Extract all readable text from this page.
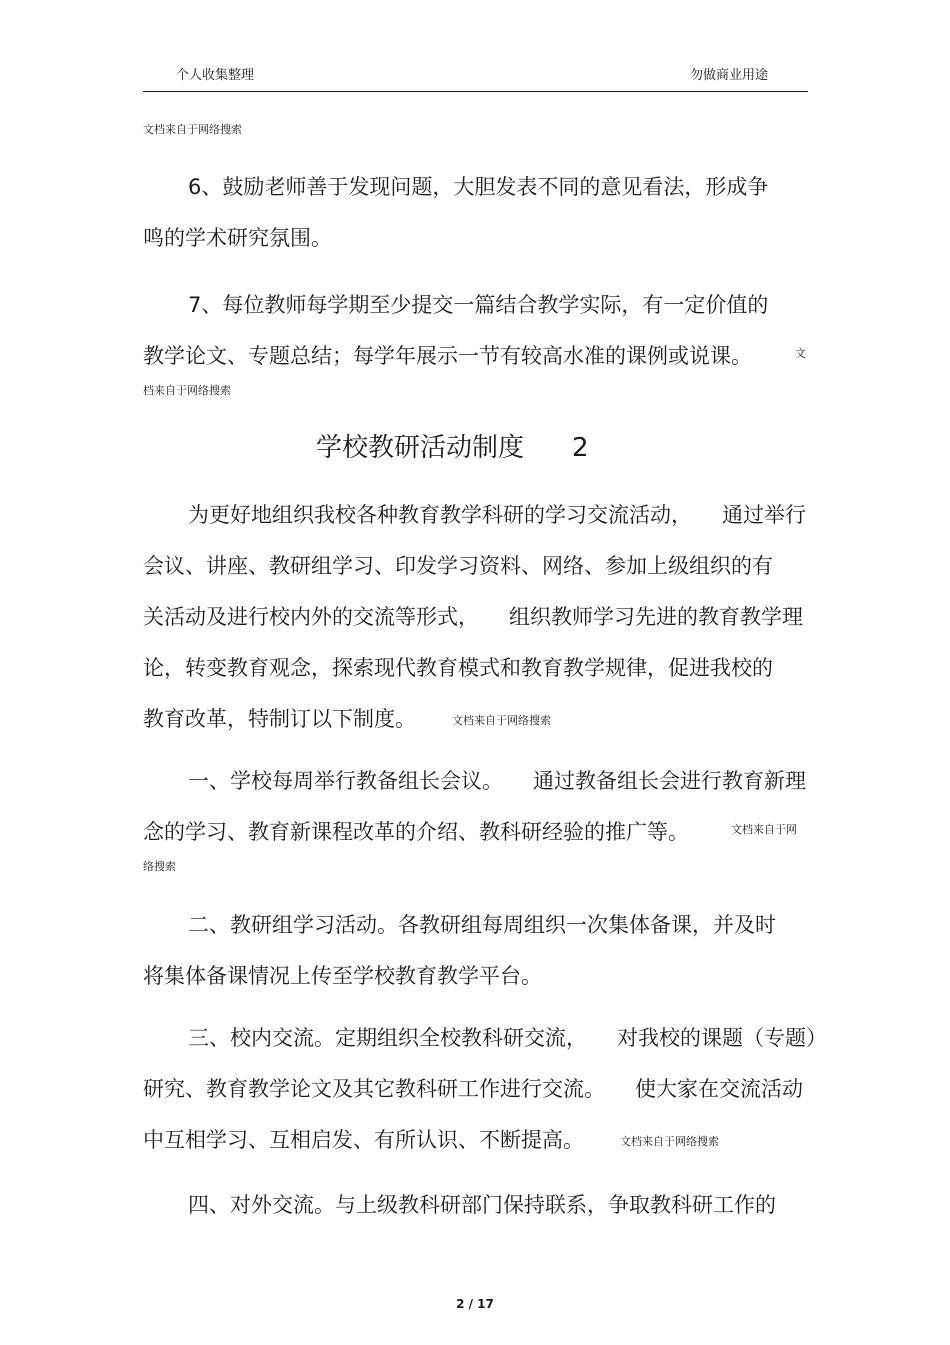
个人收集整理	勿做商业用途
文档来自于网络搜索
6、鼓励老师善于发现问题，大胆发表不同的意见看法，形成争
鸣的学术研究氛围。
7、每位教师每学期至少提交一篇结合教学实际，有一定价值的
教学论文、专题总结；每学年展示一节有较高水准的课例或说课。	文
档来自于网络搜索
学校教研活动制度 2
为更好地组织我校各种教育教学科研的学习交流活动， 通过举行
会议、讲座、教研组学习、印发学习资料、网络、参加上级组织的有
关活动及进行校内外的交流等形式， 组织教师学习先进的教育教学理
论，转变教育观念，探索现代教育模式和教育教学规律，促进我校的
教育改革，特制订以下制度。	文档来自于网络搜索
一、学校每周举行教备组长会议。 通过教备组长会进行教育新理
念的学习、教育新课程改革的介绍、教科研经验的推广等。	文档来自于网
络搜索
二、教研组学习活动。各教研组每周组织一次集体备课，并及时
将集体备课情况上传至学校教育教学平台。
三、校内交流。定期组织全校教科研交流， 对我校的课题（专题）
研究、教育教学论文及其它教科研工作进行交流。 使大家在交流活动
中互相学习、互相启发、有所认识、不断提高。	文档来自于网络搜索
四、对外交流。与上级教科研部门保持联系，争取教科研工作的
2 / 17
